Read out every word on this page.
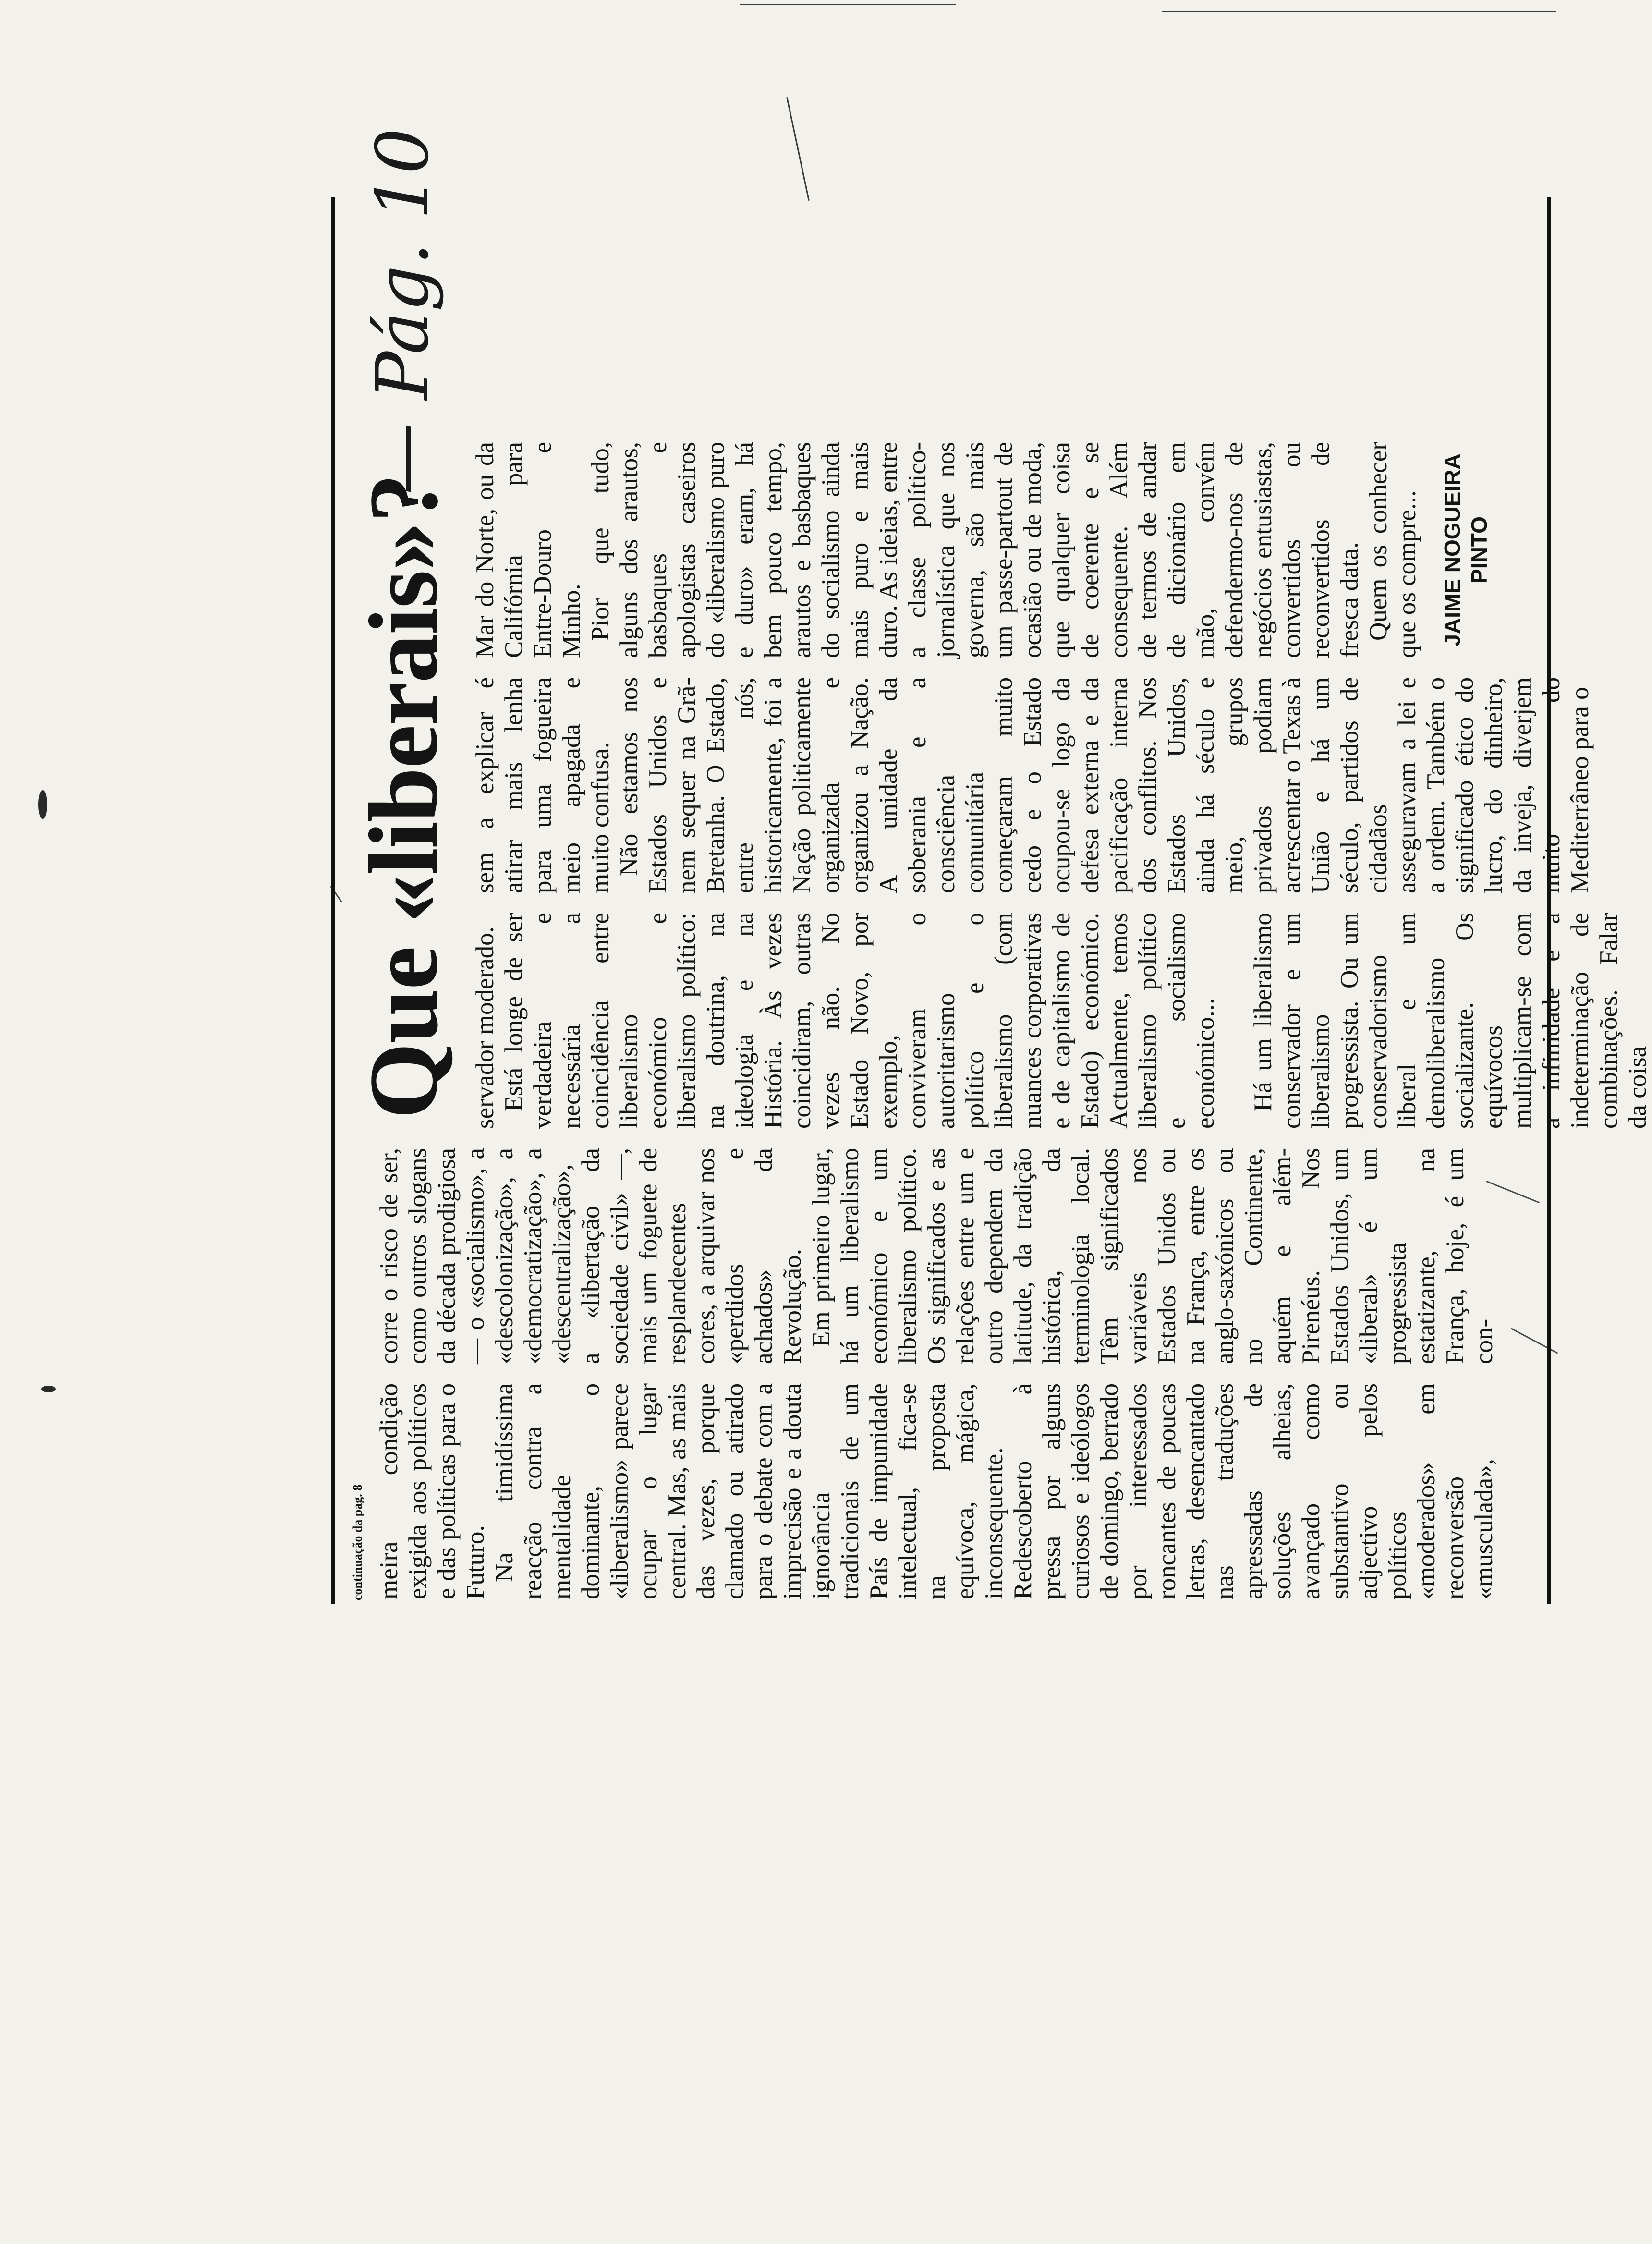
continuação da pag. 8
Que «liberais»?
— Pág. 10

meira condição exigida aos políticos e das políticas para o Futuro. Na timidíssima reacção contra a mentalidade dominante, o «liberalismo» parece ocupar o lugar central. Mas, as mais das vezes, porque clamado ou atirado para o debate com a imprecisão e a douta ignorância tradicionais de um País de impunidade intelectual, fica-se na proposta equívoca, mágica, inconsequente. Redescoberto à pressa por alguns curiosos e ideólogos de domingo, berrado por interessados roncantes de poucas letras, desencantado nas traduções apressadas de soluções alheias, avançado como substantivo ou adjectivo pelos políticos «moderados» em reconversão «musculada»,

corre o risco de ser, como outros slogans da década prodigiosa — o «socialismo», a «descolonização», a «democratização», a «descentralização», a «libertação da sociedade civil» —, mais um foguete de resplandecentes cores, a arquivar nos «perdidos e achados» da Revolução. Em primeiro lugar, há um liberalismo económico e um liberalismo político. Os significados e as relações entre um e outro dependem da latitude, da tradição histórica, da terminologia local. Têm significados variáveis nos Estados Unidos ou na França, entre os anglo-saxónicos ou no Continente, aquém e além-Pirenéus. Nos Estados Unidos, um «liberal» é um progressista estatizante, na França, hoje, é um con-

servador moderado. Está longe de ser verdadeira e necessária a coincidência entre liberalismo económico e liberalismo político: na doutrina, na ideologia e na História. Às vezes coincidiram, outras vezes não. No Estado Novo, por exemplo, conviveram o autoritarismo político e o liberalismo (com nuances corporativas e de capitalismo de Estado) económico. Actualmente, temos liberalismo político e socialismo económico... Há um liberalismo conservador e um liberalismo progressista. Ou um conservadorismo liberal e um demoliberalismo socializante. Os equívocos multiplicam-se com a infinidade e a indeterminação de combinações. Falar da coisa

sem a explicar é atirar mais lenha para uma fogueira meio apagada e muito confusa. Não estamos nos Estados Unidos e nem sequer na Grã-Bretanha. O Estado, entre nós, historicamente, foi a Nação politicamente organizada e organizou a Nação. A unidade da soberania e a consciência comunitária começaram muito cedo e o Estado ocupou-se logo da defesa externa e da pacificação interna dos conflitos. Nos Estados Unidos, ainda há século e meio, grupos privados podiam acrescentar o Texas à União e há um século, partidos de cidadãos asseguravam a lei e a ordem. Também o significado ético do lucro, do dinheiro, da inveja, diverjem muito do Mediterrâneo para o

Mar do Norte, ou da Califórnia para Entre-Douro e Minho. Pior que tudo, alguns dos arautos, basbaques e apologistas caseiros do «liberalismo puro e duro» eram, há bem pouco tempo, arautos e basbaques do socialismo ainda mais puro e mais duro. As ideias, entre a classe político-jornalística que nos governa, são mais um passe-partout de ocasião ou de moda, que qualquer coisa de coerente e se consequente. Além de termos de andar de dicionário em mão, convém defendermo-nos de negócios entusiastas, convertidos ou reconvertidos de fresca data. Quem os conhecer que os compre... JAIME NOGUEIRA PINTO
